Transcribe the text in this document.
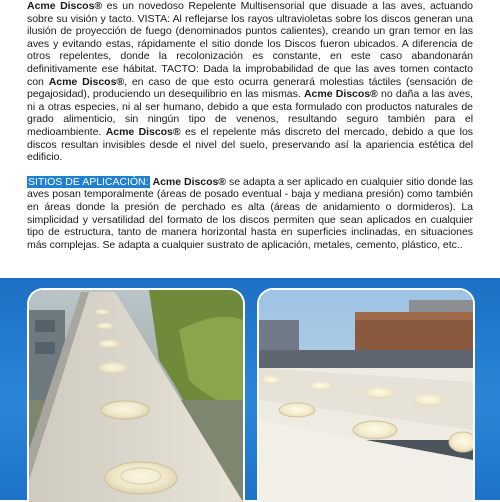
Acme Discos® es un novedoso Repelente Multisensorial que disuade a las aves, actuando sobre su visión y tacto. VISTA: Al reflejarse los rayos ultravioletas sobre los discos generan una ilusión de proyección de fuego (denominados puntos calientes), creando un gran temor en las aves y evitando estas, rápidamente el sitio donde los Discos fueron ubicados. A diferencia de otros repelentes, donde la recolonización es constante, en este caso abandonarán definitivamente ese hábitat. TACTO: Dada la improbabilidad de que las aves tomen contacto con Acme Discos®, en caso de que esto ocurra generará molestias táctiles (sensación de pegajosidad), produciendo un desequilibrio en las mismas. Acme Discos® no daña a las aves, ni a otras especies, ni al ser humano, debido a que esta formulado con productos naturales de grado alimenticio, sin ningún tipo de venenos, resultando seguro también para el medioambiente. Acme Discos® es el repelente más discreto del mercado, debido a que los discos resultan invisibles desde el nivel del suelo, preservando así la apariencia estética del edificio.

SITIOS DE APLICACIÓN: Acme Discos® se adapta a ser aplicado en cualquier sitio donde las aves posan temporalmente (áreas de posado eventual - baja y mediana presión) como también en áreas donde la presión de perchado es alta (áreas de anidamiento o dormideros). La simplicidad y versatilidad del formato de los discos permiten que sean aplicados en cualquier tipo de estructura, tanto de manera horizontal hasta en superficies inclinadas, en situaciones más complejas. Se adapta a cualquier sustrato de aplicación, metales, cemento, plástico, etc..
